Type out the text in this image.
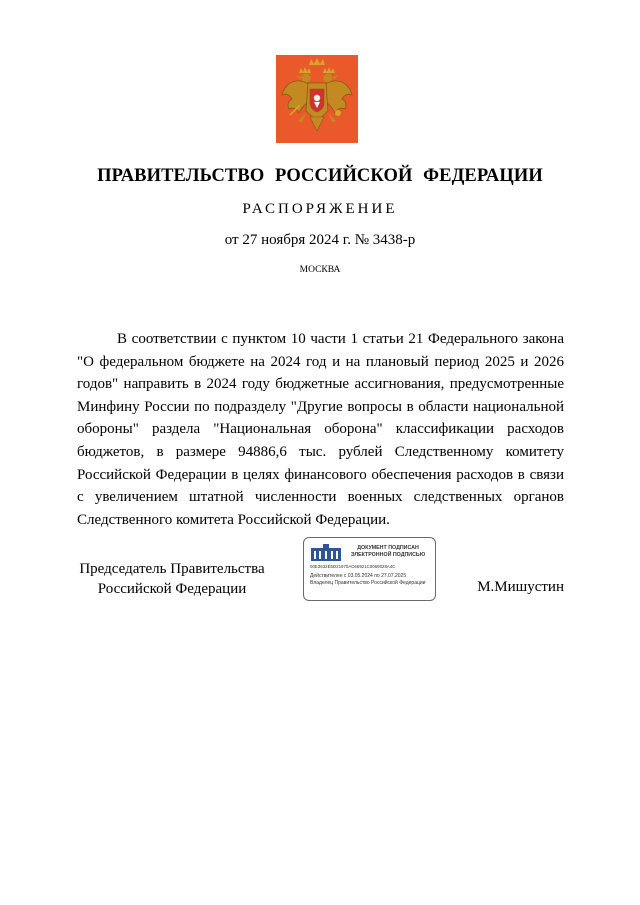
ПРАВИТЕЛЬСТВО РОССИЙСКОЙ ФЕДЕРАЦИИ
РАСПОРЯЖЕНИЕ
от 27 ноября 2024 г. № 3438-р
МОСКВА

В соответствии с пунктом 10 части 1 статьи 21 Федерального закона "О федеральном бюджете на 2024 год и на плановый период 2025 и 2026 годов" направить в 2024 году бюджетные ассигнования, предусмотренные Минфину России по подразделу "Другие вопросы в области национальной обороны" раздела "Национальная оборона" классификации расходов бюджетов, в размере 94886,6 тыс. рублей Следственному комитету Российской Федерации в целях финансового обеспечения расходов в связи с увеличением штатной численности военных следственных органов Следственного комитета Российской Федерации.

Председатель Правительства
Российской Федерации
ДОКУМЕНТ ПОДПИСАН
ЭЛЕКТРОННОЙ ПОДПИСЬЮ
00E3632E6D21970AC66921C0069028A4C
Действителен с 03.05.2024 по 27.07.2025
Владелец Правительство Российской Федерации	М.Мишустин
